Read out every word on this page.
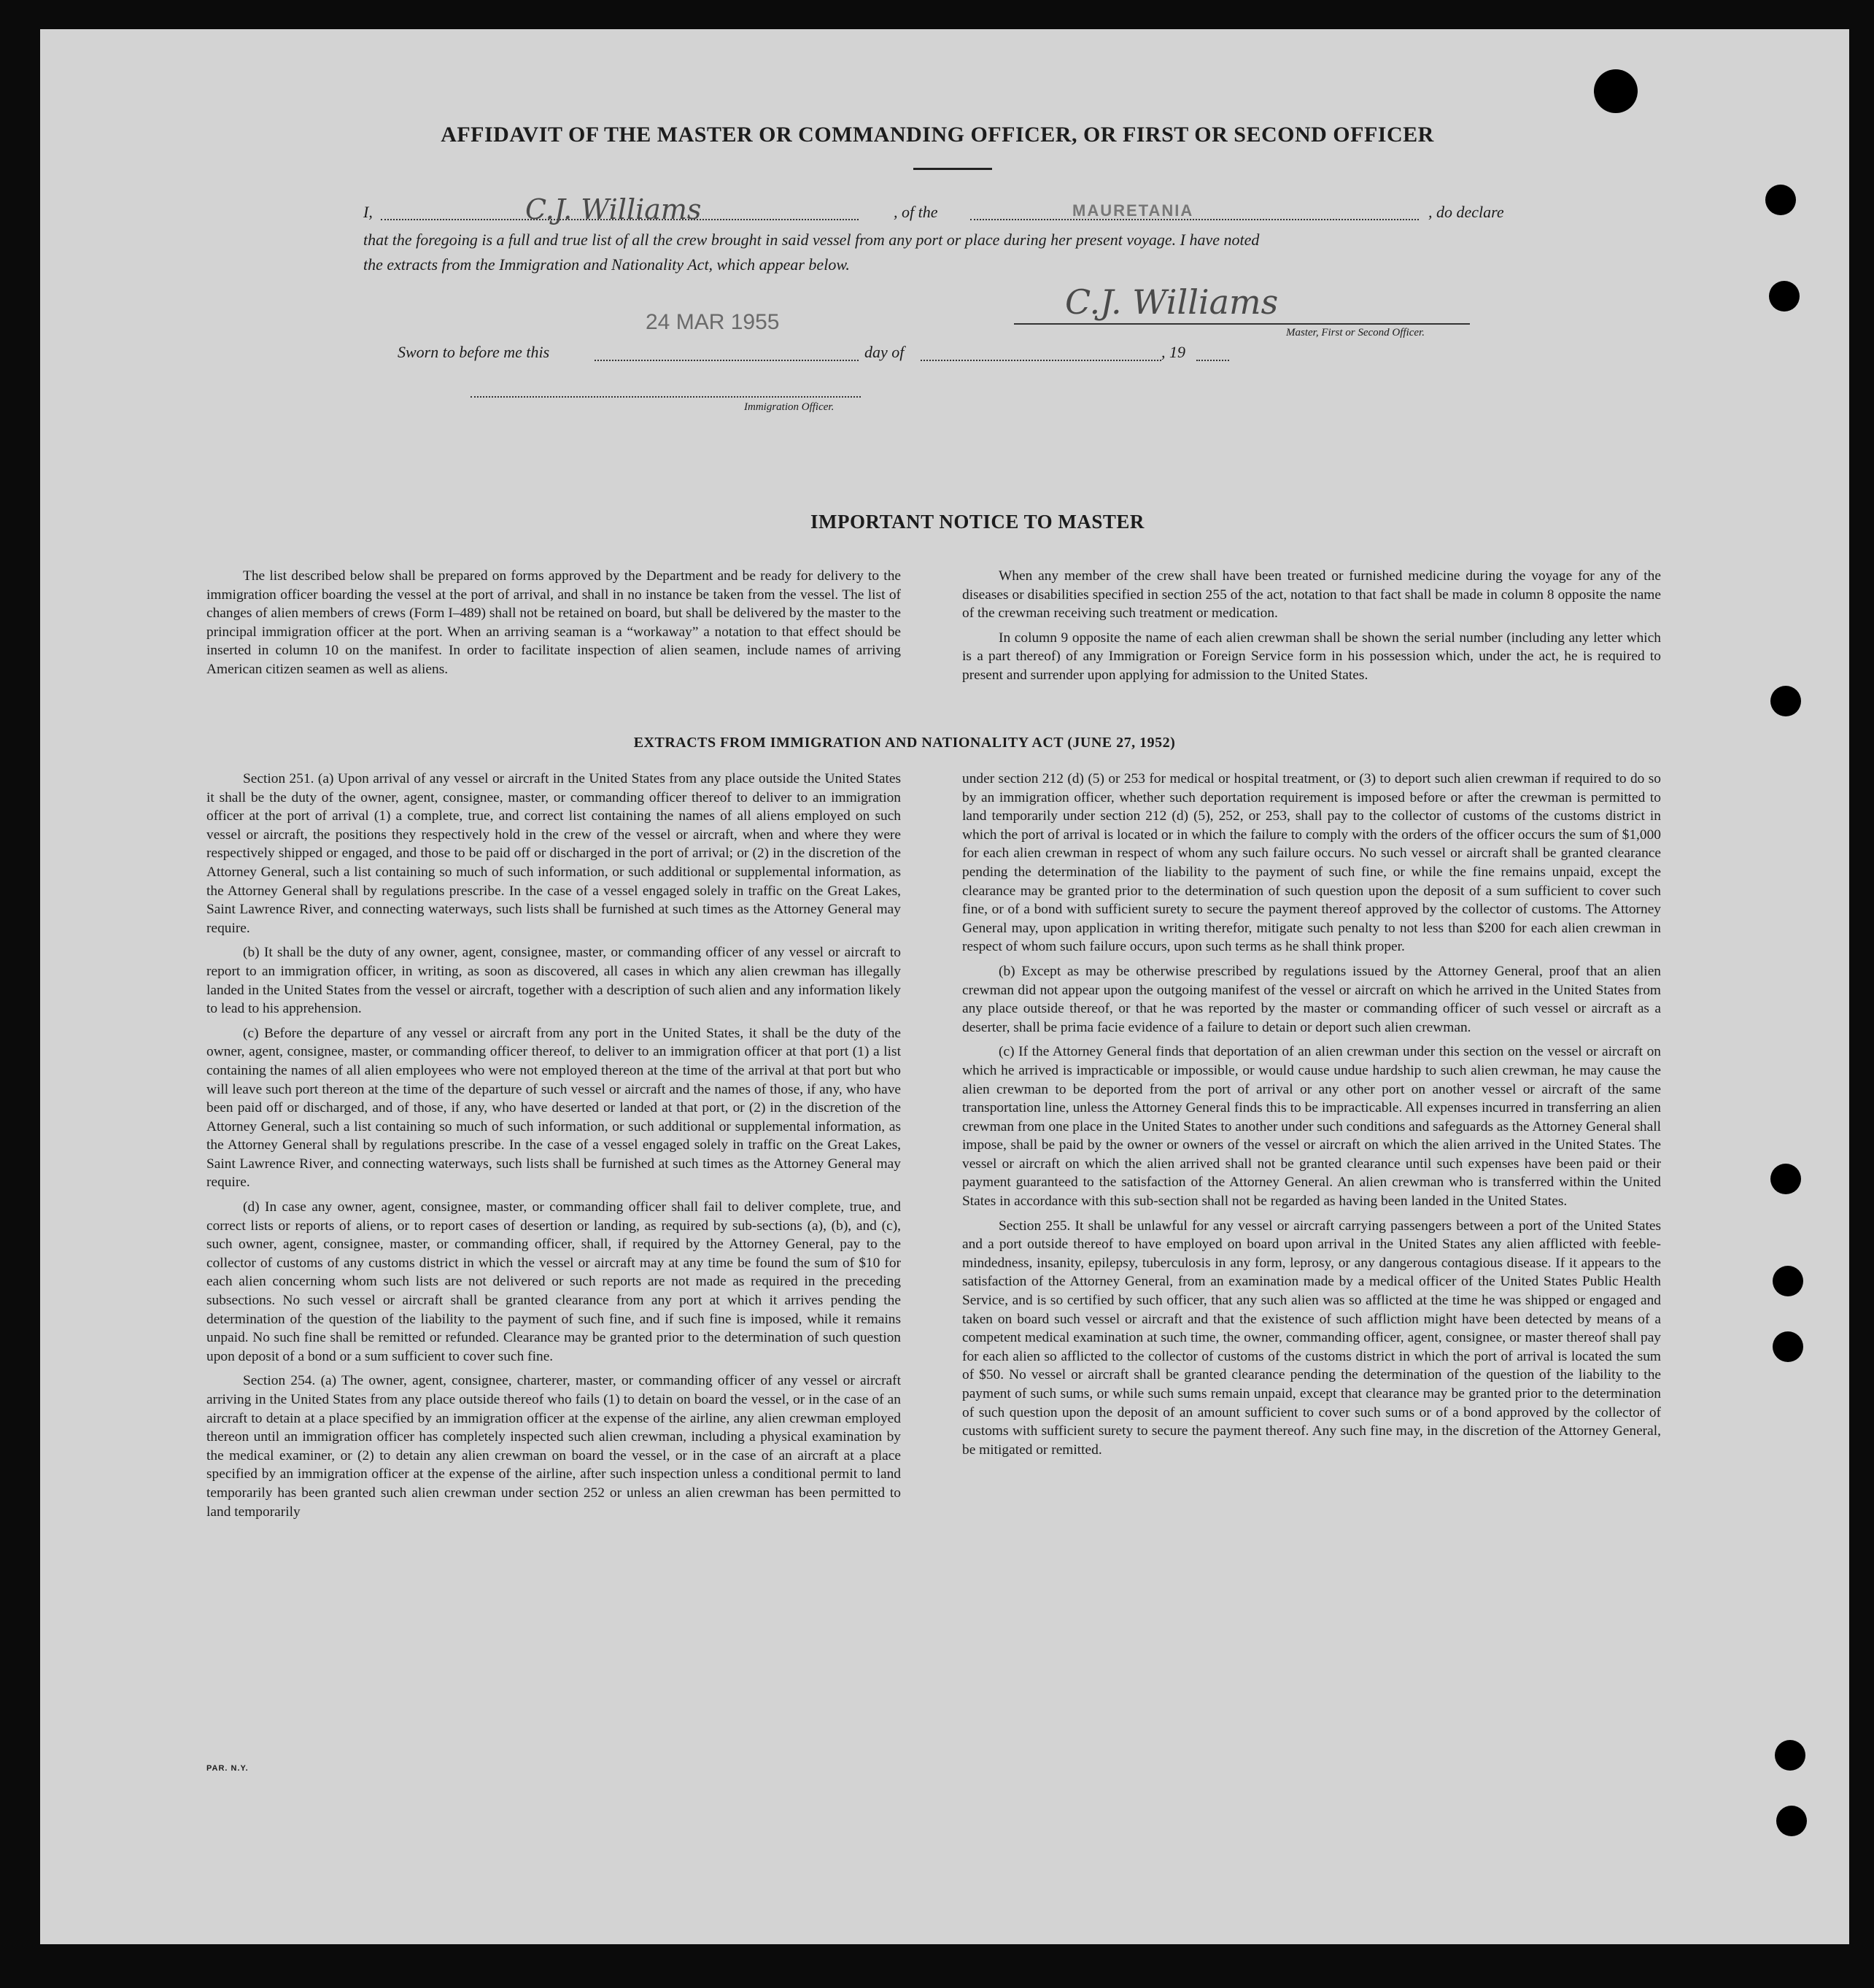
AFFIDAVIT OF THE MASTER OR COMMANDING OFFICER, OR FIRST OR SECOND OFFICER
I,	C.J. Williams	, of the	MAURETANIA	, do declare
that the foregoing is a full and true list of all the crew brought in said vessel from any port or place during her present voyage. I have noted
the extracts from the Immigration and Nationality Act, which appear below.
24 MAR 1955
C.J. Williams
Master, First or Second Officer.
Sworn to before me this	day of	, 19
Immigration Officer.
IMPORTANT NOTICE TO MASTER

The list described below shall be prepared on forms approved by the Department and be ready for delivery to the immigration officer boarding the vessel at the port of arrival, and shall in no instance be taken from the vessel. The list of changes of alien members of crews (Form I–489) shall not be retained on board, but shall be delivered by the master to the principal immigration officer at the port. When an arriving seaman is a “workaway” a notation to that effect should be inserted in column 10 on the manifest. In order to facilitate inspection of alien seamen, include names of arriving American citizen seamen as well as aliens.

When any member of the crew shall have been treated or furnished medicine during the voyage for any of the diseases or disabilities specified in section 255 of the act, notation to that fact shall be made in column 8 opposite the name of the crewman receiving such treatment or medication.

In column 9 opposite the name of each alien crewman shall be shown the serial number (including any letter which is a part thereof) of any Immigration or Foreign Service form in his possession which, under the act, he is required to present and surrender upon applying for admission to the United States.

EXTRACTS FROM IMMIGRATION AND NATIONALITY ACT (JUNE 27, 1952)

Section 251. (a) Upon arrival of any vessel or aircraft in the United States from any place outside the United States it shall be the duty of the owner, agent, consignee, master, or commanding officer thereof to deliver to an immigration officer at the port of arrival (1) a complete, true, and correct list containing the names of all aliens employed on such vessel or aircraft, the positions they respectively hold in the crew of the vessel or aircraft, when and where they were respectively shipped or engaged, and those to be paid off or discharged in the port of arrival; or (2) in the discretion of the Attorney General, such a list containing so much of such information, or such additional or supplemental information, as the Attorney General shall by regulations prescribe. In the case of a vessel engaged solely in traffic on the Great Lakes, Saint Lawrence River, and connecting waterways, such lists shall be furnished at such times as the Attorney General may require.

(b) It shall be the duty of any owner, agent, consignee, master, or commanding officer of any vessel or aircraft to report to an immigration officer, in writing, as soon as discovered, all cases in which any alien crewman has illegally landed in the United States from the vessel or aircraft, together with a description of such alien and any information likely to lead to his apprehension.

(c) Before the departure of any vessel or aircraft from any port in the United States, it shall be the duty of the owner, agent, consignee, master, or commanding officer thereof, to deliver to an immigration officer at that port (1) a list containing the names of all alien employees who were not employed thereon at the time of the arrival at that port but who will leave such port thereon at the time of the departure of such vessel or aircraft and the names of those, if any, who have been paid off or discharged, and of those, if any, who have deserted or landed at that port, or (2) in the discretion of the Attorney General, such a list containing so much of such information, or such additional or supplemental information, as the Attorney General shall by regulations prescribe. In the case of a vessel engaged solely in traffic on the Great Lakes, Saint Lawrence River, and connecting waterways, such lists shall be furnished at such times as the Attorney General may require.

(d) In case any owner, agent, consignee, master, or commanding officer shall fail to deliver complete, true, and correct lists or reports of aliens, or to report cases of desertion or landing, as required by sub-sections (a), (b), and (c), such owner, agent, consignee, master, or commanding officer, shall, if required by the Attorney General, pay to the collector of customs of any customs district in which the vessel or aircraft may at any time be found the sum of $10 for each alien concerning whom such lists are not delivered or such reports are not made as required in the preceding subsections. No such vessel or aircraft shall be granted clearance from any port at which it arrives pending the determination of the question of the liability to the payment of such fine, and if such fine is imposed, while it remains unpaid. No such fine shall be remitted or refunded. Clearance may be granted prior to the determination of such question upon deposit of a bond or a sum sufficient to cover such fine.

Section 254. (a) The owner, agent, consignee, charterer, master, or commanding officer of any vessel or aircraft arriving in the United States from any place outside thereof who fails (1) to detain on board the vessel, or in the case of an aircraft to detain at a place specified by an immigration officer at the expense of the airline, any alien crewman employed thereon until an immigration officer has completely inspected such alien crewman, including a physical examination by the medical examiner, or (2) to detain any alien crewman on board the vessel, or in the case of an aircraft at a place specified by an immigration officer at the expense of the airline, after such inspection unless a conditional permit to land temporarily has been granted such alien crewman under section 252 or unless an alien crewman has been permitted to land temporarily

under section 212 (d) (5) or 253 for medical or hospital treatment, or (3) to deport such alien crewman if required to do so by an immigration officer, whether such deportation requirement is imposed before or after the crewman is permitted to land temporarily under section 212 (d) (5), 252, or 253, shall pay to the collector of customs of the customs district in which the port of arrival is located or in which the failure to comply with the orders of the officer occurs the sum of $1,000 for each alien crewman in respect of whom any such failure occurs. No such vessel or aircraft shall be granted clearance pending the determination of the liability to the payment of such fine, or while the fine remains unpaid, except the clearance may be granted prior to the determination of such question upon the deposit of a sum sufficient to cover such fine, or of a bond with sufficient surety to secure the payment thereof approved by the collector of customs. The Attorney General may, upon application in writing therefor, mitigate such penalty to not less than $200 for each alien crewman in respect of whom such failure occurs, upon such terms as he shall think proper.

(b) Except as may be otherwise prescribed by regulations issued by the Attorney General, proof that an alien crewman did not appear upon the outgoing manifest of the vessel or aircraft on which he arrived in the United States from any place outside thereof, or that he was reported by the master or commanding officer of such vessel or aircraft as a deserter, shall be prima facie evidence of a failure to detain or deport such alien crewman.

(c) If the Attorney General finds that deportation of an alien crewman under this section on the vessel or aircraft on which he arrived is impracticable or impossible, or would cause undue hardship to such alien crewman, he may cause the alien crewman to be deported from the port of arrival or any other port on another vessel or aircraft of the same transportation line, unless the Attorney General finds this to be impracticable. All expenses incurred in transferring an alien crewman from one place in the United States to another under such conditions and safeguards as the Attorney General shall impose, shall be paid by the owner or owners of the vessel or aircraft on which the alien arrived in the United States. The vessel or aircraft on which the alien arrived shall not be granted clearance until such expenses have been paid or their payment guaranteed to the satisfaction of the Attorney General. An alien crewman who is transferred within the United States in accordance with this sub-section shall not be regarded as having been landed in the United States.

Section 255. It shall be unlawful for any vessel or aircraft carrying passengers between a port of the United States and a port outside thereof to have employed on board upon arrival in the United States any alien afflicted with feeble-mindedness, insanity, epilepsy, tuberculosis in any form, leprosy, or any dangerous contagious disease. If it appears to the satisfaction of the Attorney General, from an examination made by a medical officer of the United States Public Health Service, and is so certified by such officer, that any such alien was so afflicted at the time he was shipped or engaged and taken on board such vessel or aircraft and that the existence of such affliction might have been detected by means of a competent medical examination at such time, the owner, commanding officer, agent, consignee, or master thereof shall pay for each alien so afflicted to the collector of customs of the customs district in which the port of arrival is located the sum of $50. No vessel or aircraft shall be granted clearance pending the determination of the question of the liability to the payment of such sums, or while such sums remain unpaid, except that clearance may be granted prior to the determination of such question upon the deposit of an amount sufficient to cover such sums or of a bond approved by the collector of customs with sufficient surety to secure the payment thereof. Any such fine may, in the discretion of the Attorney General, be mitigated or remitted.

PAR. N.Y.
